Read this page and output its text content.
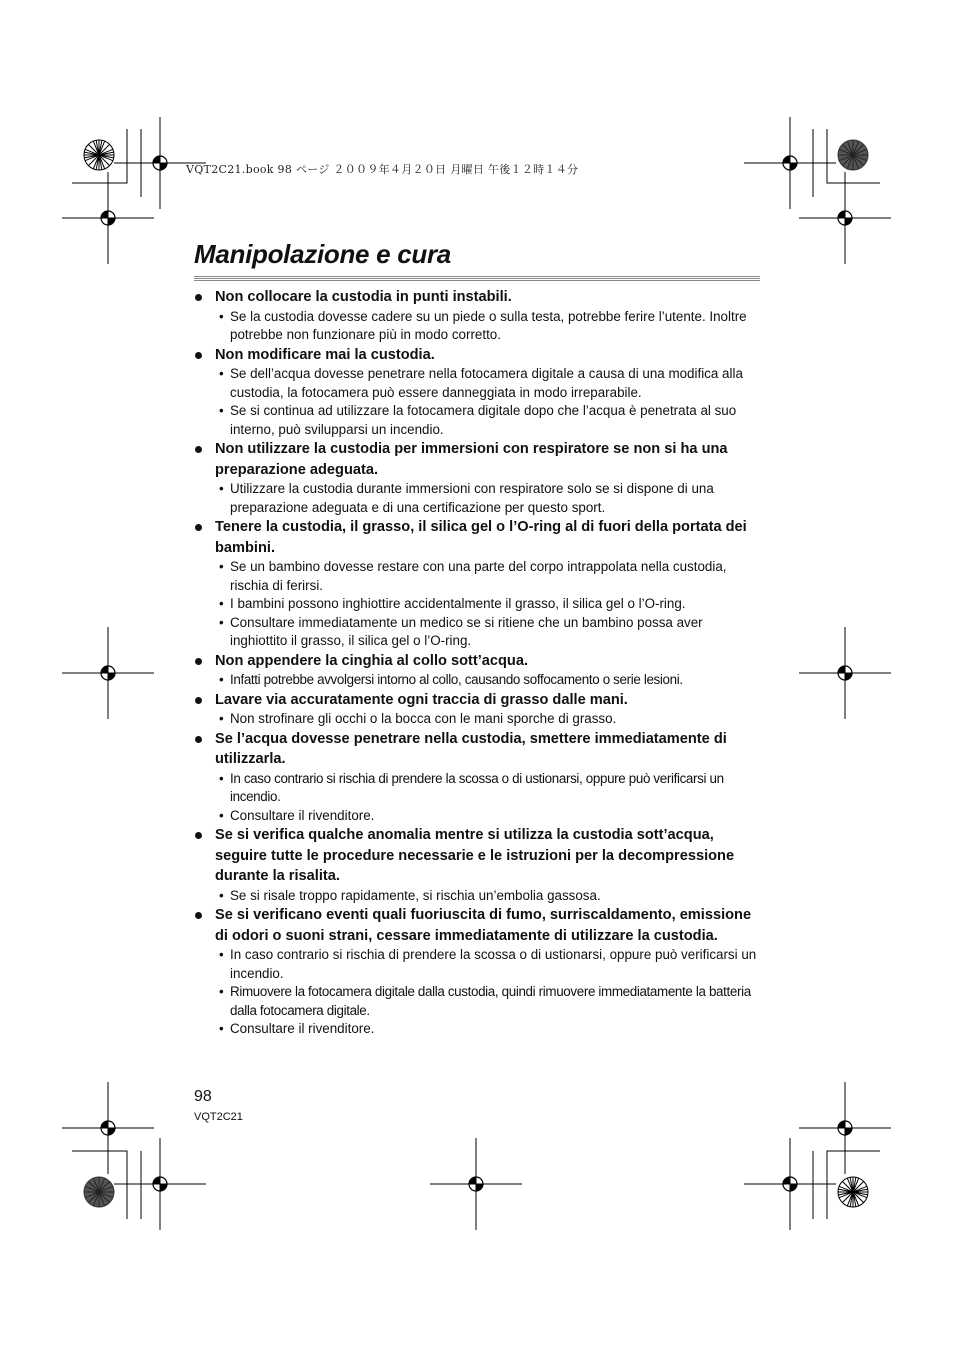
VQT2C21.book 98 ページ ２００９年４月２０日 月曜日 午後１２時１４分
Manipolazione e cura
Non collocare la custodia in punti instabili.
• Se la custodia dovesse cadere su un piede o sulla testa, potrebbe ferire l’utente. Inoltre potrebbe non funzionare più in modo corretto.
Non modificare mai la custodia.
• Se dell’acqua dovesse penetrare nella fotocamera digitale a causa di una modifica alla custodia, la fotocamera può essere danneggiata in modo irreparabile.
• Se si continua ad utilizzare la fotocamera digitale dopo che l’acqua è penetrata al suo interno, può svilupparsi un incendio.
Non utilizzare la custodia per immersioni con respiratore se non si ha una preparazione adeguata.
• Utilizzare la custodia durante immersioni con respiratore solo se si dispone di una preparazione adeguata e di una certificazione per questo sport.
Tenere la custodia, il grasso, il silica gel o l’O-ring al di fuori della portata dei bambini.
• Se un bambino dovesse restare con una parte del corpo intrappolata nella custodia, rischia di ferirsi.
• I bambini possono inghiottire accidentalmente il grasso, il silica gel o l’O-ring.
• Consultare immediatamente un medico se si ritiene che un bambino possa aver inghiottito il grasso, il silica gel o l’O-ring.
Non appendere la cinghia al collo sott’acqua.
• Infatti potrebbe avvolgersi intorno al collo, causando soffocamento o serie lesioni.
Lavare via accuratamente ogni traccia di grasso dalle mani.
• Non strofinare gli occhi o la bocca con le mani sporche di grasso.
Se l’acqua dovesse penetrare nella custodia, smettere immediatamente di utilizzarla.
• In caso contrario si rischia di prendere la scossa o di ustionarsi, oppure può verificarsi un incendio.
• Consultare il rivenditore.
Se si verifica qualche anomalia mentre si utilizza la custodia sott’acqua, seguire tutte le procedure necessarie e le istruzioni per la decompressione durante la risalita.
• Se si risale troppo rapidamente, si rischia un’embolia gassosa.
Se si verificano eventi quali fuoriuscita di fumo, surriscaldamento, emissione di odori o suoni strani, cessare immediatamente di utilizzare la custodia.
• In caso contrario si rischia di prendere la scossa o di ustionarsi, oppure può verificarsi un incendio.
• Rimuovere la fotocamera digitale dalla custodia, quindi rimuovere immediatamente la batteria dalla fotocamera digitale.
• Consultare il rivenditore.
98
VQT2C21
